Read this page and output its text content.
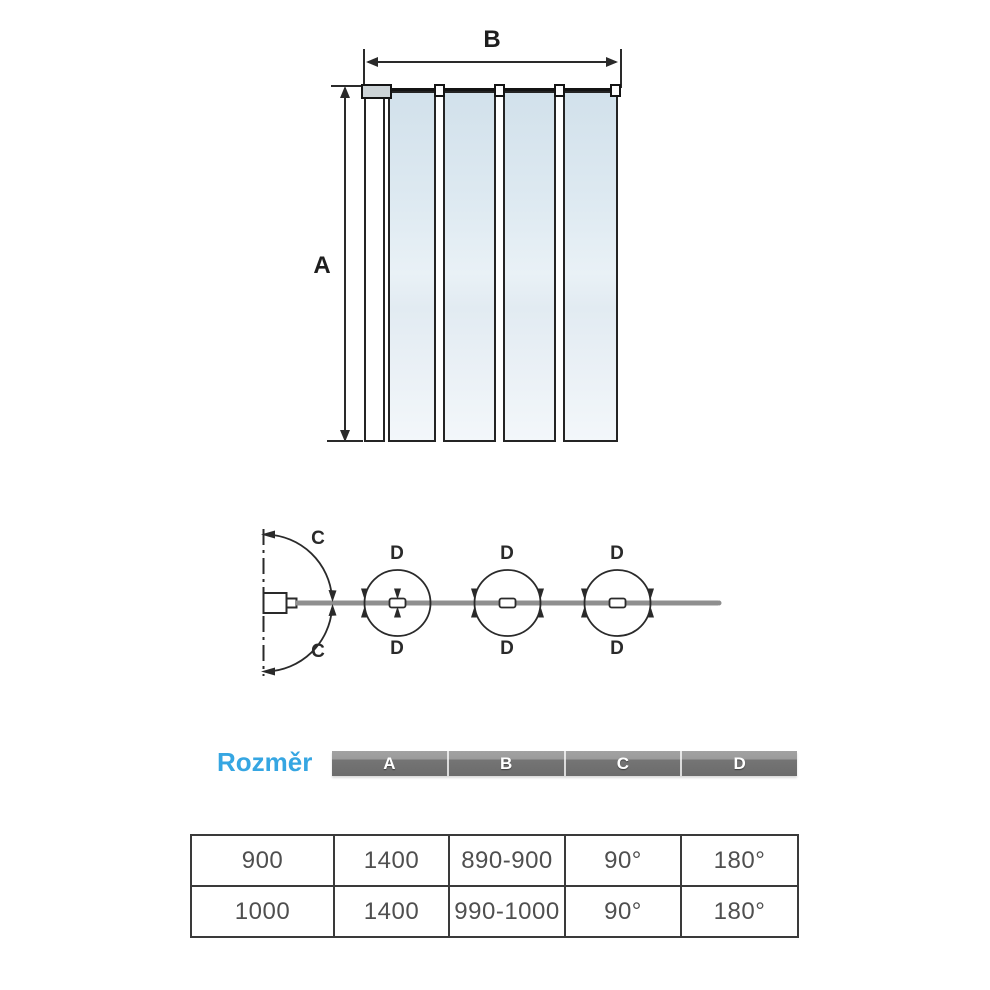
B
A
C
C
D
D
D
D
D
D
Rozměr	A	B	C	D
900	1400	890-900	90°	180°
1000	1400	990-1000	90°	180°
